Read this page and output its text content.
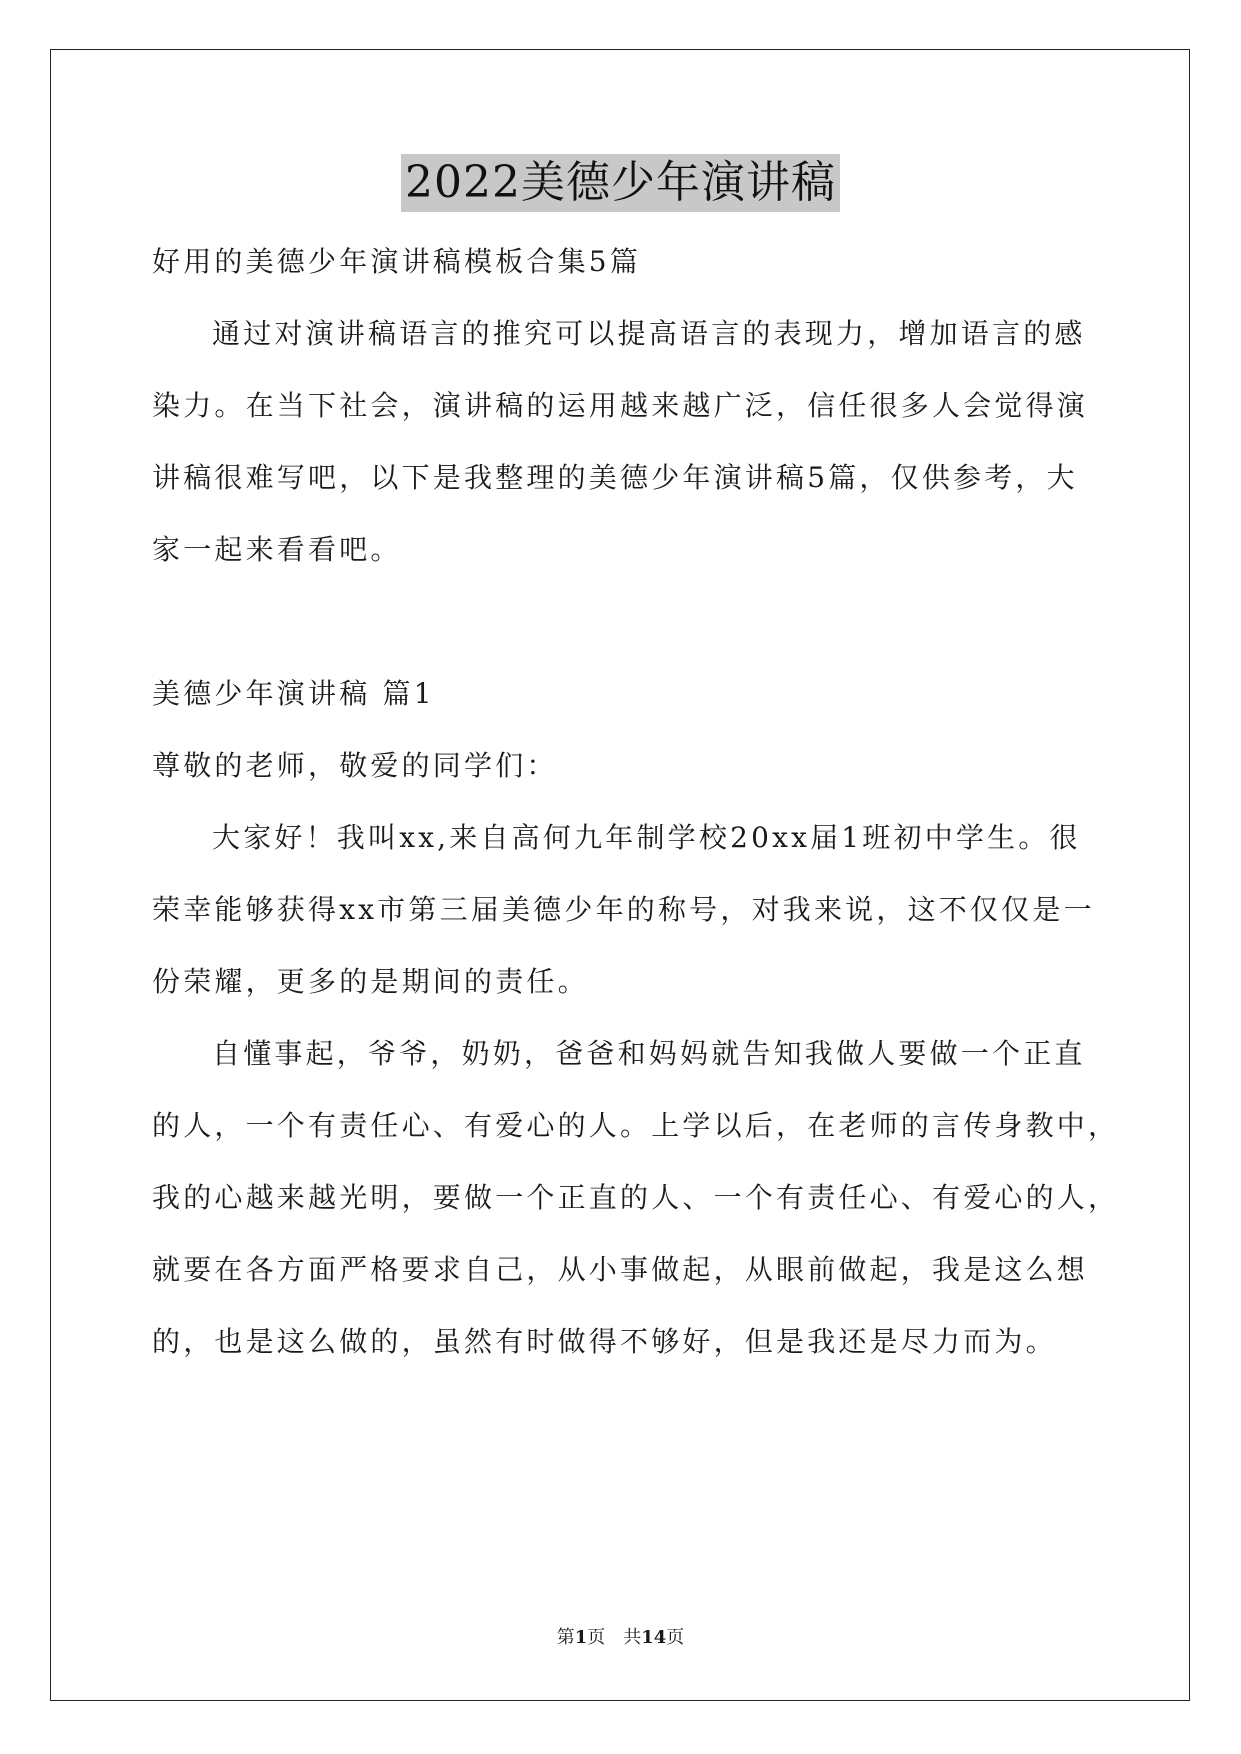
2022美德少年演讲稿
好用的美德少年演讲稿模板合集5篇
通过对演讲稿语言的推究可以提高语言的表现力，增加语言的感
染力。在当下社会，演讲稿的运用越来越广泛，信任很多人会觉得演
讲稿很难写吧，以下是我整理的美德少年演讲稿5篇，仅供参考，大
家一起来看看吧。
美德少年演讲稿 篇1
尊敬的老师，敬爱的同学们：
大家好！我叫xx,来自高何九年制学校20xx届1班初中学生。很
荣幸能够获得xx市第三届美德少年的称号，对我来说，这不仅仅是一
份荣耀，更多的是期间的责任。
自懂事起，爷爷，奶奶，爸爸和妈妈就告知我做人要做一个正直
的人，一个有责任心、有爱心的人。上学以后，在老师的言传身教中，
我的心越来越光明，要做一个正直的人、一个有责任心、有爱心的人，
就要在各方面严格要求自己，从小事做起，从眼前做起，我是这么想
的，也是这么做的，虽然有时做得不够好，但是我还是尽力而为。
第1页 共14页
